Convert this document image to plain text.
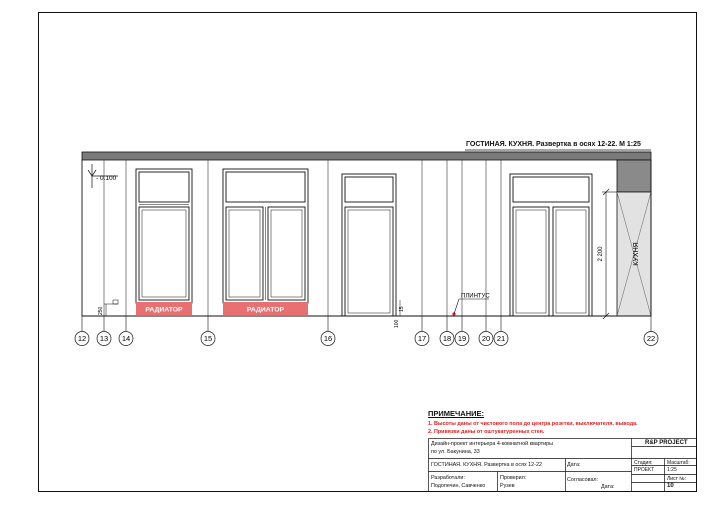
- 0.100
РАДИАТОР	РАДИАТОР
250
100
15
ПЛИНТУС
КУХНЯ
2 200
12 13 14	15	16	17 18 19 20 21	22
ГОСТИНАЯ. КУХНЯ. Развертка в осях 12-22. М 1:25
ПРИМЕЧАНИЕ:
1. Высоты даны от чистового пола до центра розетки, выключателя, вывода.
2. Привязки даны от оштукатуренных стен.
Дизайн-проект интерьера 4-комнатной квартиры
по ул. Бакунина, 33
R&P PROJECT
ГОСТИНАЯ. КУХНЯ. Развертка в осях 12-22	Дата:
Разработали:
Подопечин, Савченко
Проверил:
Рузев
Согласовал:
Дата:
Стадия:
ПРОЕКТ
Масштаб:
1:25
Лист №:
10
